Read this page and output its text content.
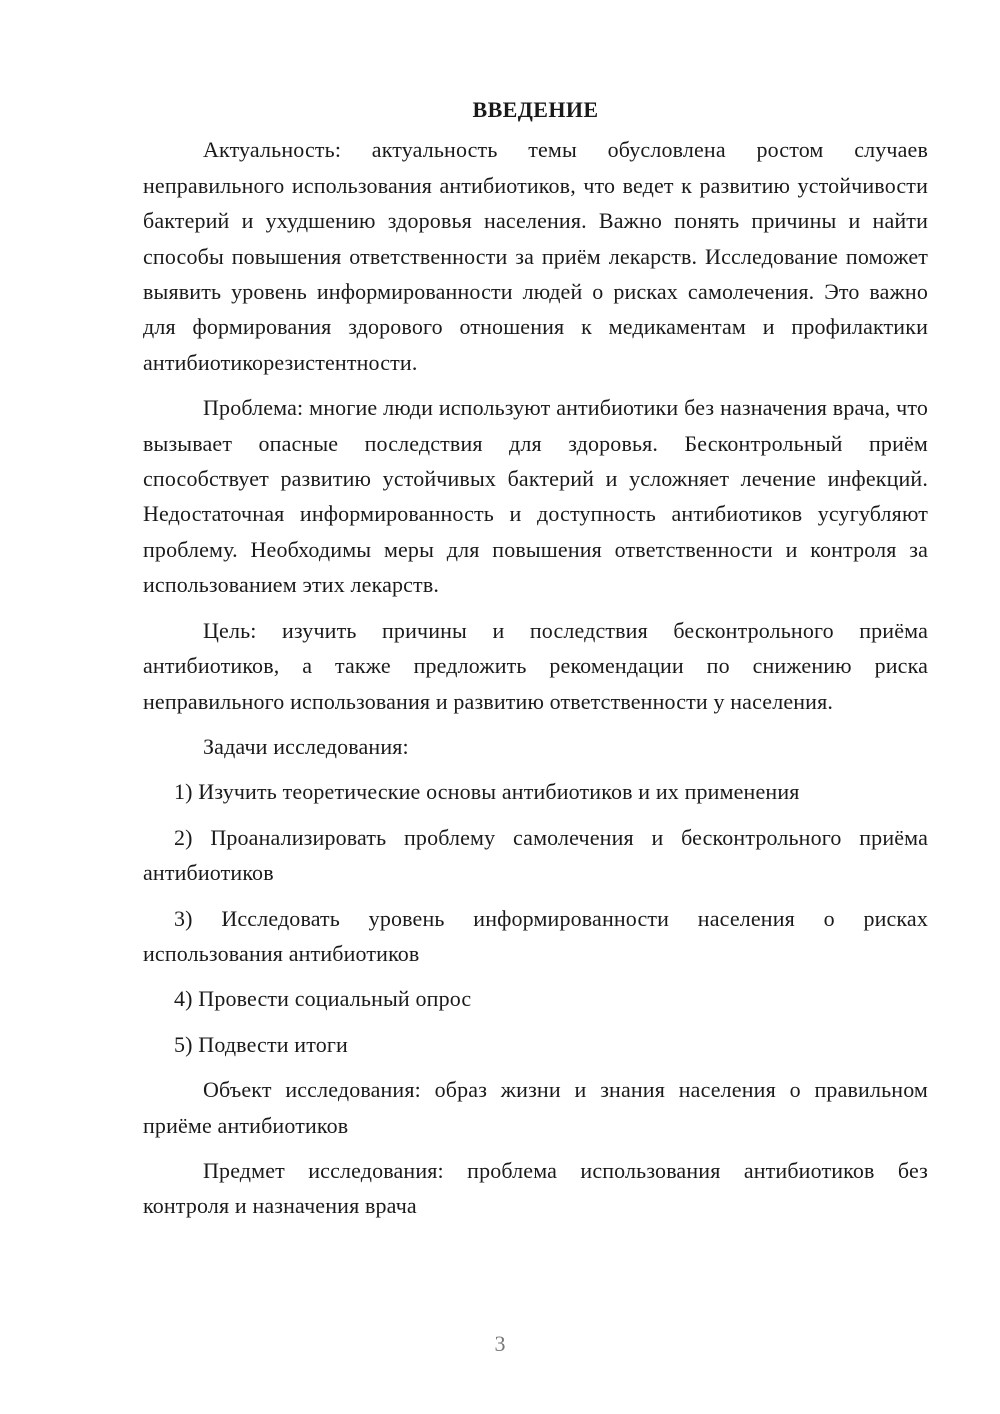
ВВЕДЕНИЕ

Актуальность: актуальность темы обусловлена ростом случаев неправильного использования антибиотиков, что ведет к развитию устойчивости бактерий и ухудшению здоровья населения. Важно понять причины и найти способы повышения ответственности за приём лекарств. Исследование поможет выявить уровень информированности людей о рисках самолечения. Это важно для формирования здорового отношения к медикаментам и профилактики антибиотикорезистентности.

Проблема: многие люди используют антибиотики без назначения врача, что вызывает опасные последствия для здоровья. Бесконтрольный приём способствует развитию устойчивых бактерий и усложняет лечение инфекций. Недостаточная информированность и доступность антибиотиков усугубляют проблему. Необходимы меры для повышения ответственности и контроля за использованием этих лекарств.

Цель: изучить причины и последствия бесконтрольного приёма антибиотиков, а также предложить рекомендации по снижению риска неправильного использования и развитию ответственности у населения.

Задачи исследования:

1) Изучить теоретические основы антибиотиков и их применения
2) Проанализировать проблему самолечения и бесконтрольного приёма антибиотиков
3) Исследовать уровень информированности населения о рисках использования антибиотиков
4) Провести социальный опрос
5) Подвести итоги

Объект исследования: образ жизни и знания населения о правильном приёме антибиотиков

Предмет исследования: проблема использования антибиотиков без контроля и назначения врача

3
